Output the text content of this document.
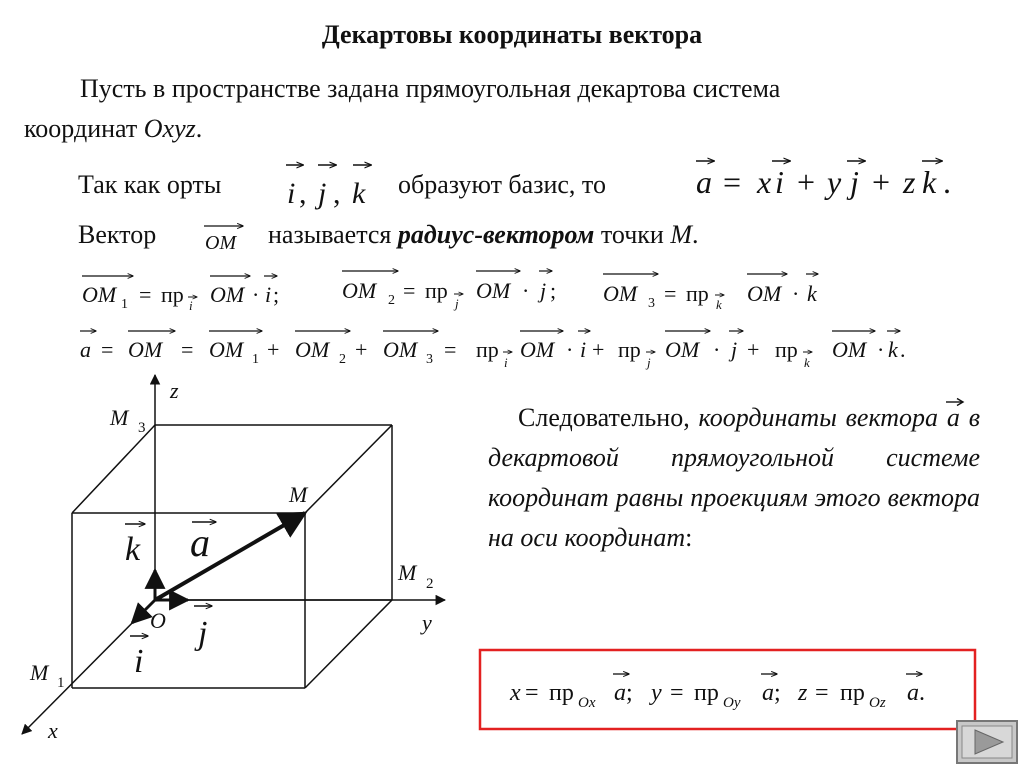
Декартовы координаты вектора
Пусть в пространстве задана прямоугольная декартова система
координат Oxyz.
Так как орты	образуют базис, то
Вектор	называется радиус-вектором точки M.
Следовательно, координаты вектора a
в декартовой прямоугольной системе координат равны проекциям этого вектора на оси координат:
i , j , k	a = x i + y j + z k .
OM
OM 1 = пр i OM · i ;	OM 2 = пр
j
OM · j ; OM 3 = пр k OM · k
a = OM = OM 1 + OM 2 + OM 3 = пр
i
OM · i + пр
j
OM · j + пр
k
OM · k .
z
y
x
O
M
M 3
M 2
M 1
k a
j
i
x = пр Ox a ; y = пр Oy a ; z = пр Oz a .
